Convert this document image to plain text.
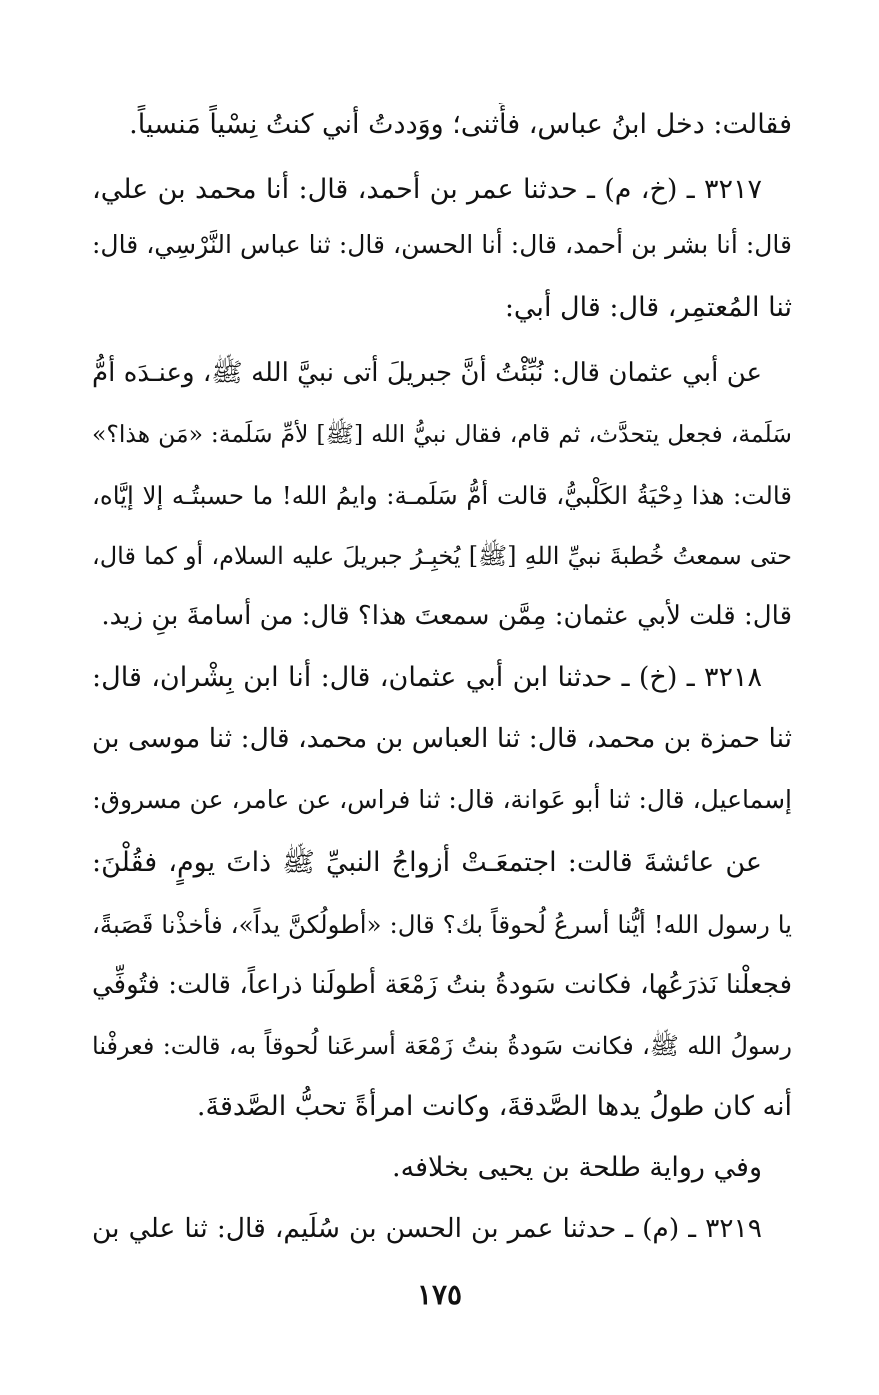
فقالت: دخل ابنُ عباس، فأَثنى؛ ووَددتُ أني كنتُ نِسْياً مَنسياً.
٣٢١٧ ـ (خ، م) ـ حدثنا عمر بن أحمد، قال: أنا محمد بن علي،
قال: أنا بشر بن أحمد، قال: أنا الحسن، قال: ثنا عباس النَّرْسِي، قال:
ثنا المُعتمِر، قال: قال أبي:
عن أبي عثمان قال: نُبِّئْتُ أنَّ جبريلَ أتى نبيَّ الله ﷺ، وعنـدَه أمُّ
سَلَمة، فجعل يتحدَّث، ثم قام، فقال نبيُّ الله [ﷺ] لأمِّ سَلَمة: «مَن هذا؟»
قالت: هذا دِحْيَةُ الكَلْبيُّ، قالت أمُّ سَلَمـة: وايمُ الله! ما حسبتُـه إلا إيَّاه،
حتى سمعتُ خُطبةَ نبيِّ اللهِ [ﷺ] يُخبِـرُ جبريلَ عليه السلام، أو كما قال،
قال: قلت لأبي عثمان: مِمَّن سمعتَ هذا؟ قال: من أسامةَ بنِ زيد.
٣٢١٨ ـ (خ) ـ حدثنا ابن أبي عثمان، قال: أنا ابن بِشْران، قال:
ثنا حمزة بن محمد، قال: ثنا العباس بن محمد، قال: ثنا موسى بن
إسماعيل، قال: ثنا أبو عَوانة، قال: ثنا فراس، عن عامر، عن مسروق:
عن عائشةَ قالت: اجتمعَـتْ أزواجُ النبيِّ ﷺ ذاتَ يومٍ، فقُلْنَ:
يا رسول الله! أيُّنا أسرعُ لُحوقاً بك؟ قال: «أطولُكنَّ يداً»، فأخذْنا قَصَبةً،
فجعلْنا نَذرَعُها، فكانت سَودةُ بنتُ زَمْعَة أطولَنا ذراعاً، قالت: فتُوفِّي
رسولُ الله ﷺ، فكانت سَودةُ بنتُ زَمْعَة أسرعَنا لُحوقاً به، قالت: فعرفْنا
أنه كان طولُ يدها الصَّدقةَ، وكانت امرأةً تحبُّ الصَّدقةَ.
وفي رواية طلحة بن يحيى بخلافه.
٣٢١٩ ـ (م) ـ حدثنا عمر بن الحسن بن سُلَيم، قال: ثنا علي بن
١٧٥
